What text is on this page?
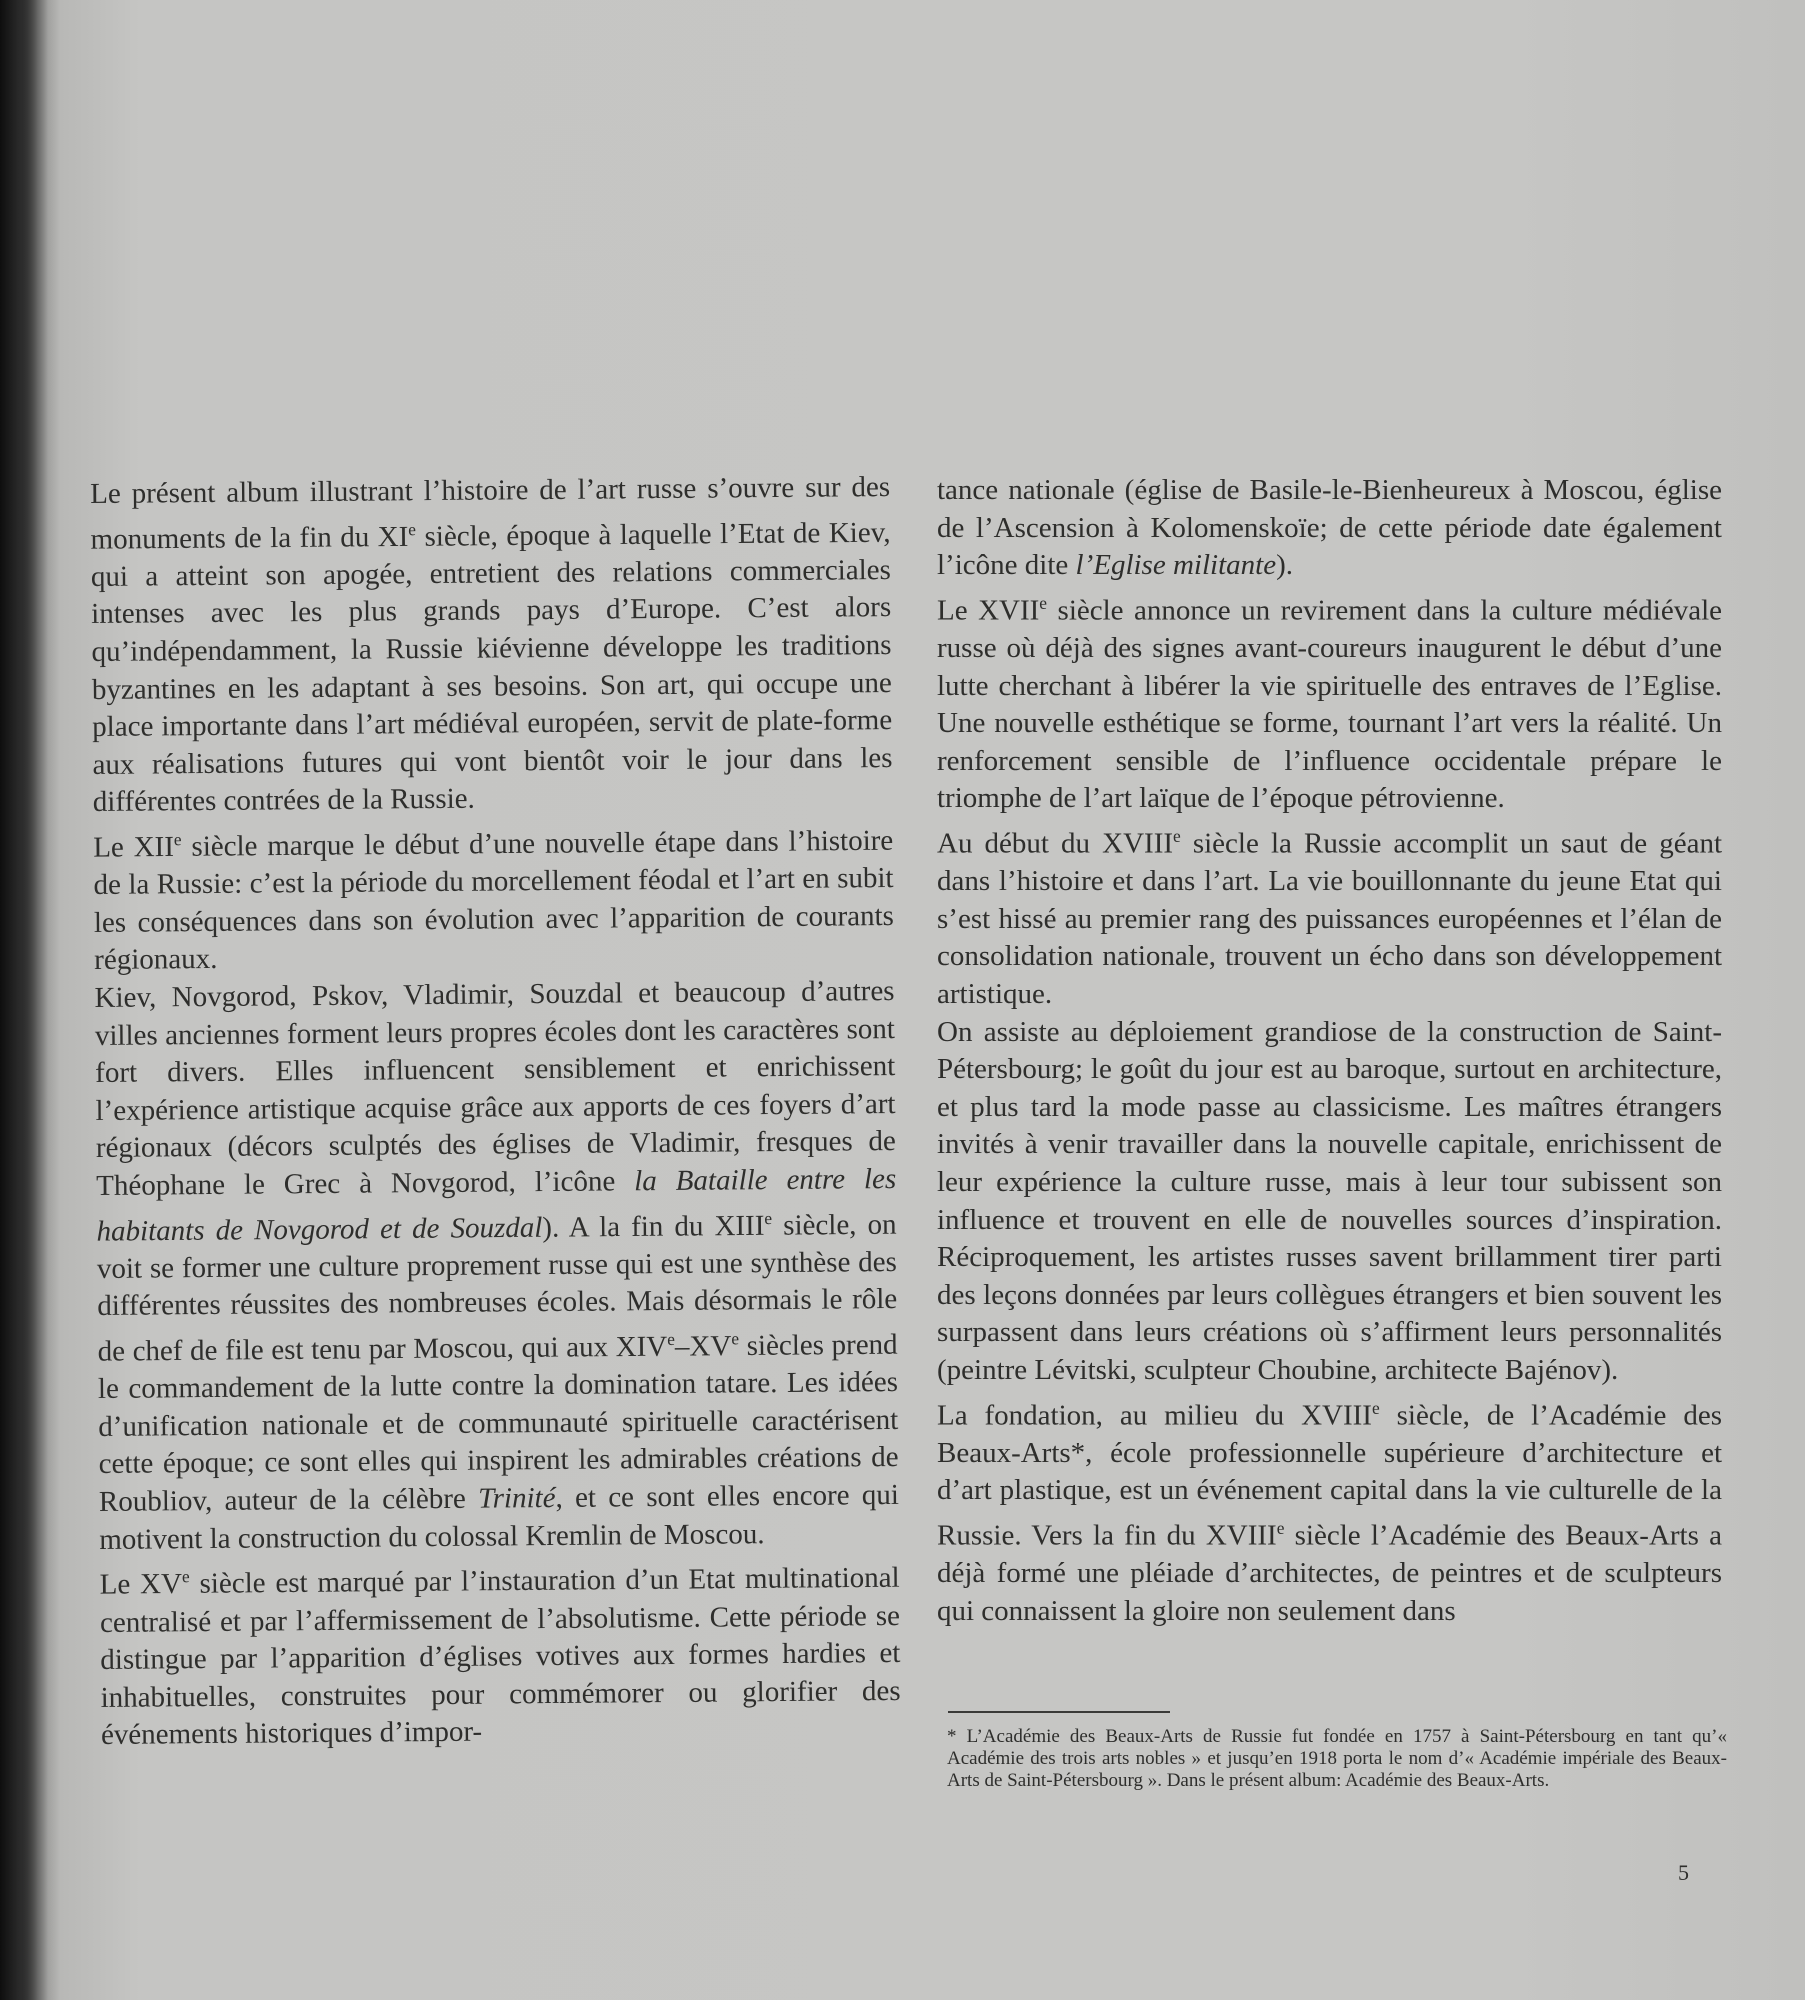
Le présent album illustrant l’histoire de l’art russe s’ouvre sur des monuments de la fin du XIe siècle, époque à laquelle l’Etat de Kiev, qui a atteint son apogée, entretient des relations commerciales intenses avec les plus grands pays d’Europe. C’est alors qu’indépendamment, la Russie kiévienne développe les traditions byzantines en les adaptant à ses besoins. Son art, qui occupe une place importante dans l’art médiéval européen, servit de plate-forme aux réalisations futures qui vont bientôt voir le jour dans les différentes contrées de la Russie.

Le XIIe siècle marque le début d’une nouvelle étape dans l’histoire de la Russie: c’est la période du morcellement féodal et l’art en subit les conséquences dans son évolution avec l’apparition de courants régionaux.

Kiev, Novgorod, Pskov, Vladimir, Souzdal et beaucoup d’autres villes anciennes forment leurs propres écoles dont les caractères sont fort divers. Elles influencent sensiblement et enrichissent l’expérience artistique acquise grâce aux apports de ces foyers d’art régionaux (décors sculptés des églises de Vladimir, fresques de Théophane le Grec à Novgorod, l’icône la Bataille entre les habitants de Novgorod et de Souzdal). A la fin du XIIIe siècle, on voit se former une culture proprement russe qui est une synthèse des différentes réussites des nombreuses écoles. Mais désormais le rôle de chef de file est tenu par Moscou, qui aux XIVe–XVe siècles prend le commandement de la lutte contre la domination tatare. Les idées d’unification nationale et de communauté spirituelle caractérisent cette époque; ce sont elles qui inspirent les admirables créations de Roubliov, auteur de la célèbre Trinité, et ce sont elles encore qui motivent la construction du colossal Kremlin de Moscou.

Le XVe siècle est marqué par l’instauration d’un Etat multinational centralisé et par l’affermissement de l’absolutisme. Cette période se distingue par l’apparition d’églises votives aux formes hardies et inhabituelles, construites pour commémorer ou glorifier des événements historiques d’impor-

tance nationale (église de Basile-le-Bienheureux à Moscou, église de l’Ascension à Kolomenskoïe; de cette période date également l’icône dite l’Eglise militante).

Le XVIIe siècle annonce un revirement dans la culture médiévale russe où déjà des signes avant-coureurs inaugurent le début d’une lutte cherchant à libérer la vie spirituelle des entraves de l’Eglise. Une nouvelle esthétique se forme, tournant l’art vers la réalité. Un renforcement sensible de l’influence occidentale prépare le triomphe de l’art laïque de l’époque pétrovienne.

Au début du XVIIIe siècle la Russie accomplit un saut de géant dans l’histoire et dans l’art. La vie bouillonnante du jeune Etat qui s’est hissé au premier rang des puissances européennes et l’élan de consolidation nationale, trouvent un écho dans son développement artistique.

On assiste au déploiement grandiose de la construction de Saint-Pétersbourg; le goût du jour est au baroque, surtout en architecture, et plus tard la mode passe au classicisme. Les maîtres étrangers invités à venir travailler dans la nouvelle capitale, enrichissent de leur expérience la culture russe, mais à leur tour subissent son influence et trouvent en elle de nouvelles sources d’inspiration. Réciproquement, les artistes russes savent brillamment tirer parti des leçons données par leurs collègues étrangers et bien souvent les surpassent dans leurs créations où s’affirment leurs personnalités (peintre Lévitski, sculpteur Choubine, architecte Bajénov).

La fondation, au milieu du XVIIIe siècle, de l’Académie des Beaux-Arts*, école professionnelle supérieure d’architecture et d’art plastique, est un événement capital dans la vie culturelle de la Russie. Vers la fin du XVIIIe siècle l’Académie des Beaux-Arts a déjà formé une pléiade d’architectes, de peintres et de sculpteurs qui connaissent la gloire non seulement dans

* L’Académie des Beaux-Arts de Russie fut fondée en 1757 à Saint-Pétersbourg en tant qu’« Académie des trois arts nobles » et jusqu’en 1918 porta le nom d’« Académie impériale des Beaux-Arts de Saint-Pétersbourg ». Dans le présent album: Académie des Beaux-Arts.
5
